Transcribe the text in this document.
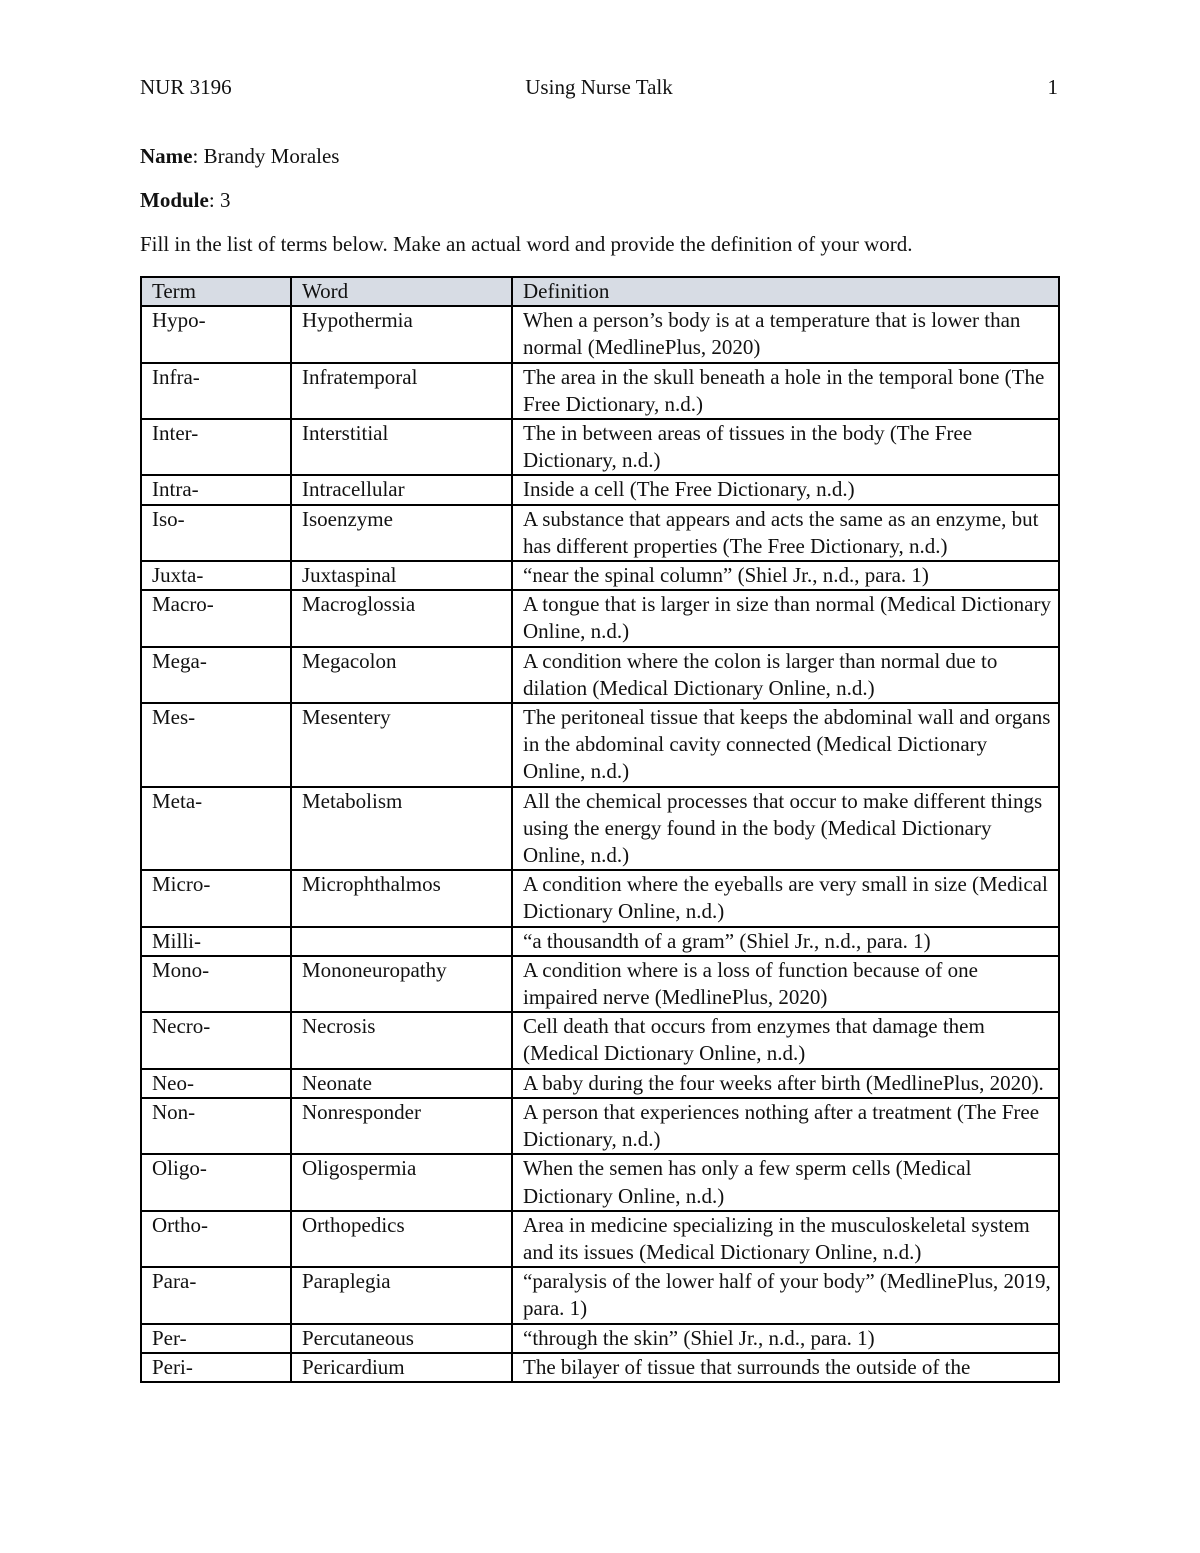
Using Nurse Talk
NUR 3196	1
Name: Brandy Morales
Module: 3
Fill in the list of terms below. Make an actual word and provide the definition of your word.
Term	Word	Definition
Hypo-	Hypothermia	When a person’s body is at a temperature that is lower than normal (MedlinePlus, 2020)
Infra-	Infratemporal	The area in the skull beneath a hole in the temporal bone (The Free Dictionary, n.d.)
Inter-	Interstitial	The in between areas of tissues in the body (The Free Dictionary, n.d.)
Intra-	Intracellular	Inside a cell (The Free Dictionary, n.d.)
Iso-	Isoenzyme	A substance that appears and acts the same as an enzyme, but has different properties (The Free Dictionary, n.d.)
Juxta-	Juxtaspinal	“near the spinal column” (Shiel Jr., n.d., para. 1)
Macro-	Macroglossia	A tongue that is larger in size than normal (Medical Dictionary Online, n.d.)
Mega-	Megacolon	A condition where the colon is larger than normal due to dilation (Medical Dictionary Online, n.d.)
Mes-	Mesentery	The peritoneal tissue that keeps the abdominal wall and organs in the abdominal cavity connected (Medical Dictionary Online, n.d.)
Meta-	Metabolism	All the chemical processes that occur to make different things using the energy found in the body (Medical Dictionary Online, n.d.)
Micro-	Microphthalmos	A condition where the eyeballs are very small in size (Medical Dictionary Online, n.d.)
Milli-		“a thousandth of a gram” (Shiel Jr., n.d., para. 1)
Mono-	Mononeuropathy	A condition where is a loss of function because of one impaired nerve (MedlinePlus, 2020)
Necro-	Necrosis	Cell death that occurs from enzymes that damage them (Medical Dictionary Online, n.d.)
Neo-	Neonate	A baby during the four weeks after birth (MedlinePlus, 2020).
Non-	Nonresponder	A person that experiences nothing after a treatment (The Free Dictionary, n.d.)
Oligo-	Oligospermia	When the semen has only a few sperm cells (Medical Dictionary Online, n.d.)
Ortho-	Orthopedics	Area in medicine specializing in the musculoskeletal system and its issues (Medical Dictionary Online, n.d.)
Para-	Paraplegia	“paralysis of the lower half of your body” (MedlinePlus, 2019, para. 1)
Per-	Percutaneous	“through the skin” (Shiel Jr., n.d., para. 1)
Peri-	Pericardium	The bilayer of tissue that surrounds the outside of the
